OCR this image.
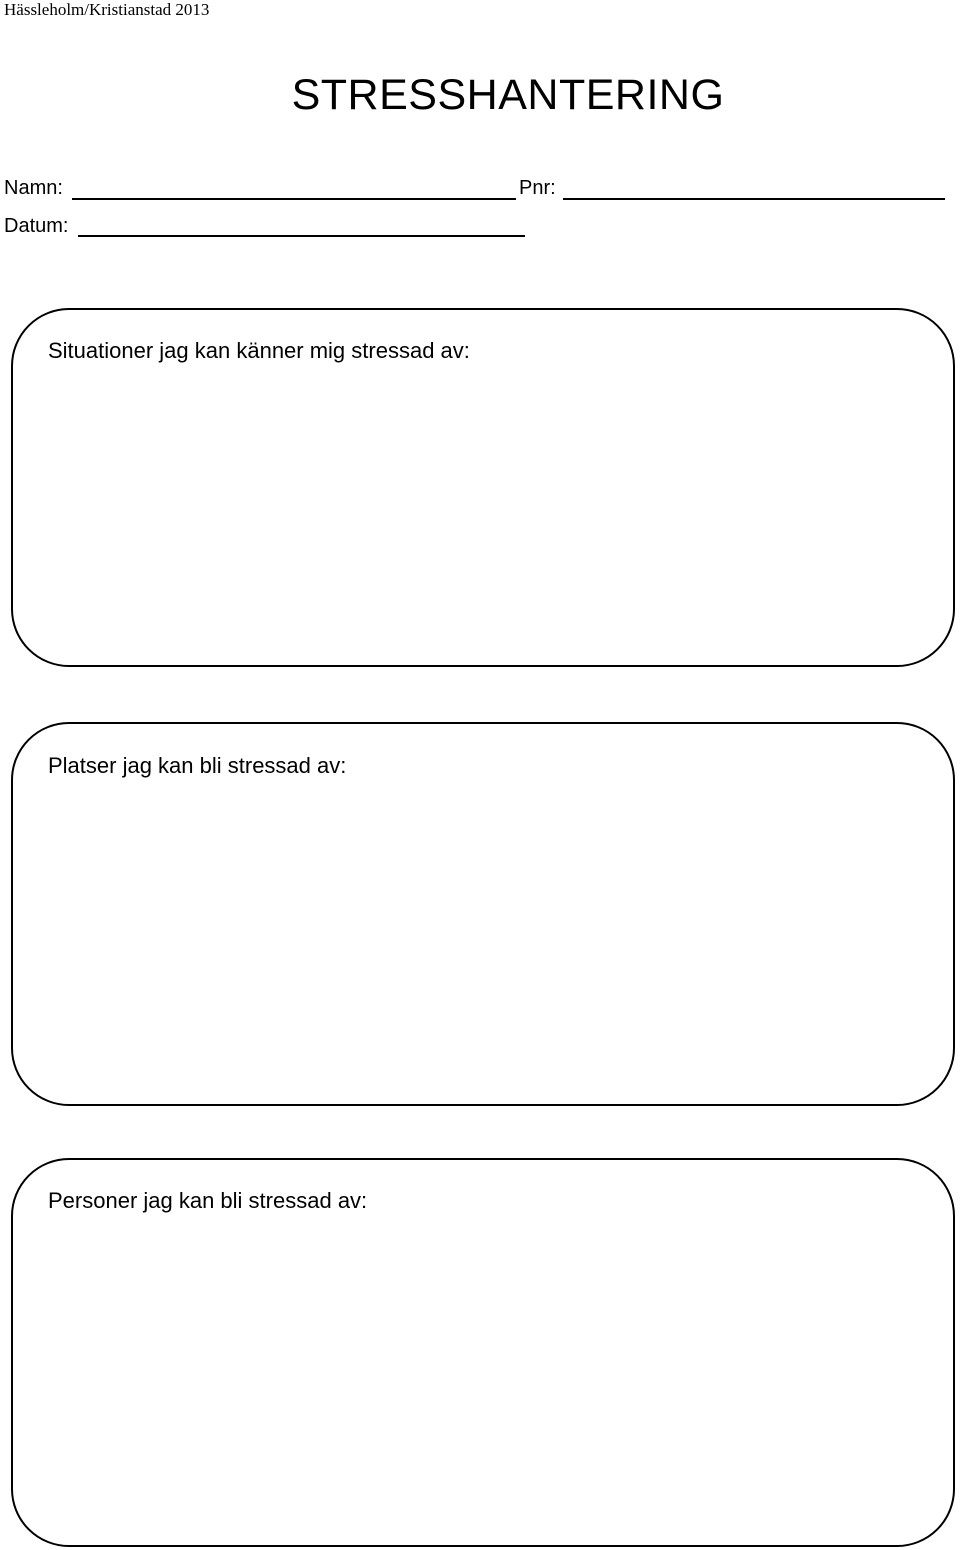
Hässleholm/Kristianstad 2013
STRESSHANTERING
Namn:	Pnr:
Datum:
Situationer jag kan känner mig stressad av:
Platser jag kan bli stressad av:
Personer jag kan bli stressad av:
